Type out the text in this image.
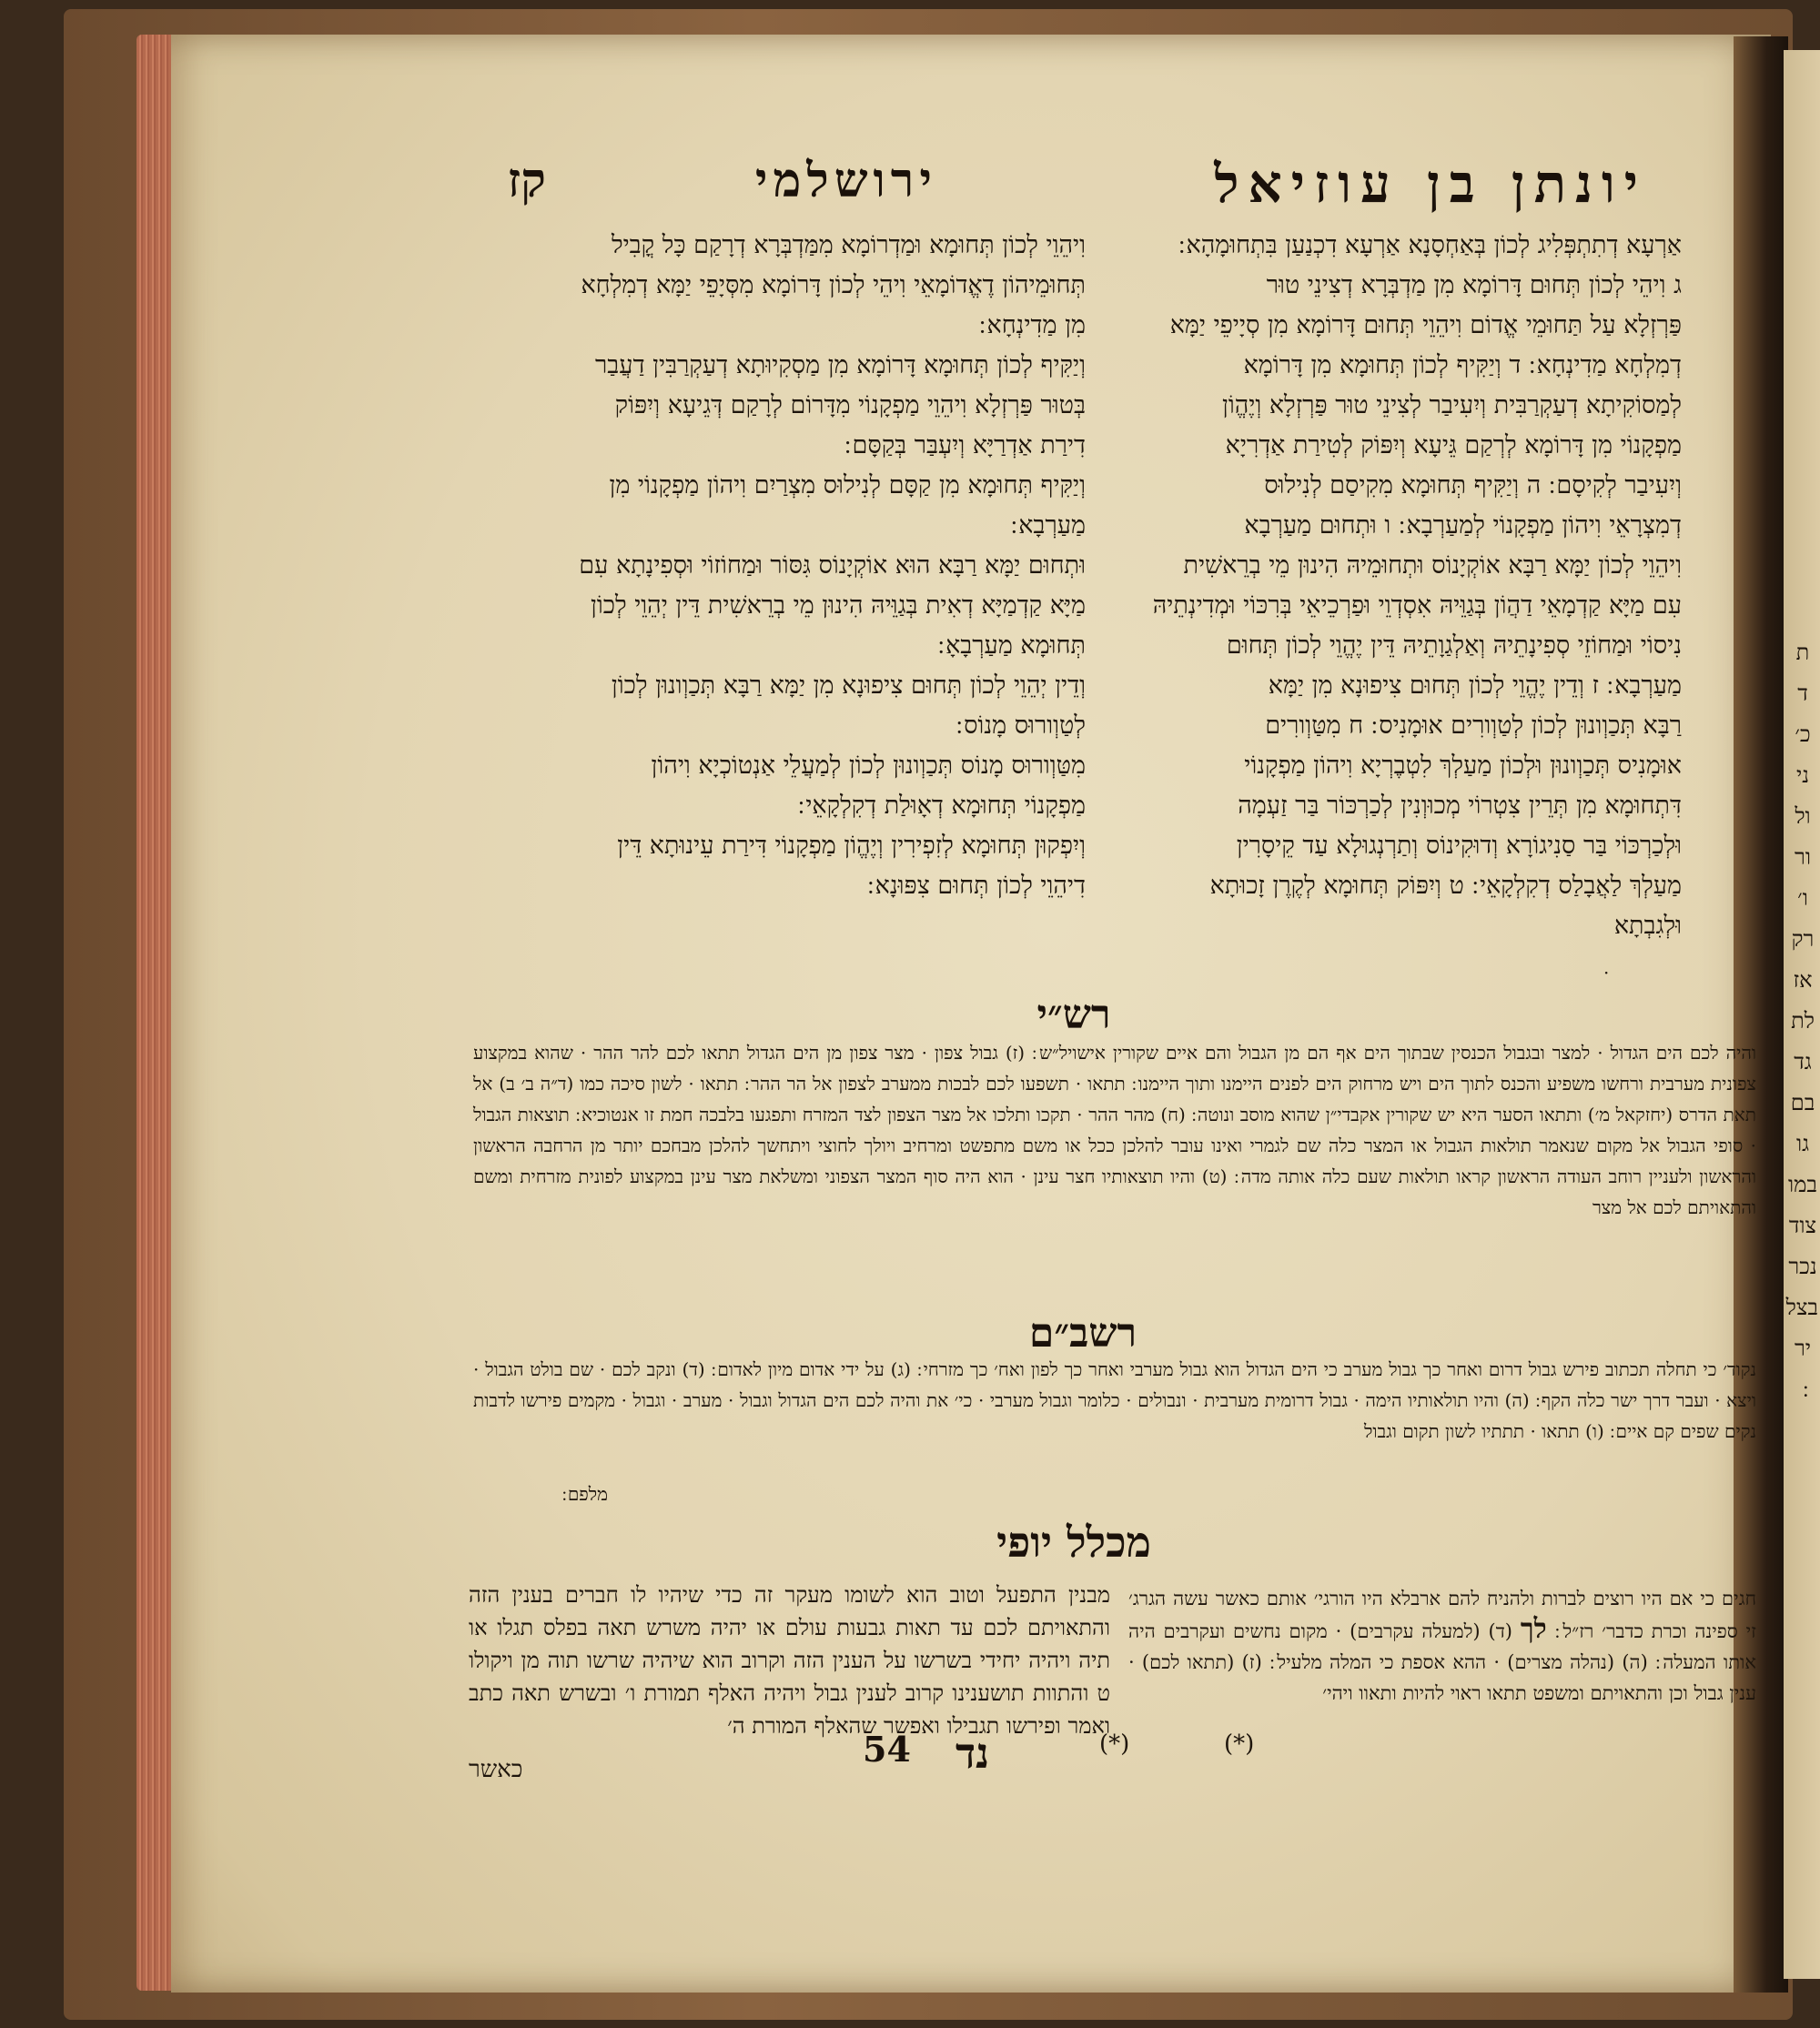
ת
ד
כ׳
ני
ול
ור
ו׳
רק
אז
לת
גד
בם
גו
במו
צוד
נכר
בצל
יר
יונתן בן עוזיאל
ירושלמי
קז

אַרְעָא דְתִתְפְּלִיג לְכוֹן בְּאַחְסָנָא אַרְעָא דִכְנַעַן בִּתְחוּמָהָא ׃

ג וִיהֵי לְכוֹן תְּחוּם דָּרוֹמָא מִן מַדְבְּרָא דְצִינֵי טוּר

פַּרְזְלָא עַל תַּחוּמֵי אֱדוֹם וִיהֵוֵי תְּחוּם דָּרוֹמָא מִן סְיָיפֵי יַמָּא

דְמִלְחָא מַדִינְחָא ׃ ד וְיַקִּיף לְכוֹן תְּחוּמָא מִן דָּרוֹמָא

לְמַסוֹקִיתָא דְעַקְרַבִּית וְיִעִיבַר לְצִינֵי טוּר פַּרְזְלָא וְיֶהֱוֹן

מַפְקָנוֹי מִן דָּרוֹמָא לְרְקַם גֵּיעָא וְיִפּוֹק לְטִירַת אַדְרִיָא

וְיִעִיבַר לְקִיסָם ׃ ה וְיַקִּיף תְּחוּמָא מִקִיסַם לְנִילוּס

דְמִצְרָאֵי וִיהוֹן מַפְקָנוֹי לְמַעַרְבָא ׃ ו וּתְחוּם מַעַרְבָא

וִיהֵוֵי לְכוֹן יַמָּא רַבָּא אוֹקְיָנוֹס וּתְחוּמֵיהּ הִינוּן מֵי בְרֵאשִׁית

עִם מַיָּא קַדְמָאֵי דַהֲוֹן בְּגַוֵּיהּ אִסְדְוֵי וּפַרְכֵיאֵי בְּרִכּוֹי וּמְדִינְתֵיהּ

נִיסוֹי וּמַחוֹזֵי סְפִינָתֵיהּ וְאַלְגַוָתֵיהּ דֵּין יֶהֱוֵי לְכוֹן תְּחוּם

מַעַרְבָא ׃ ז וְדֵין יֶהֱוֵי לְכוֹן תְּחוּם צִיפוּנָא מִן יַמָּא

רַבָּא תְּכַוְונוּן לְכוֹן לְטַוְורִים אוּמָנִיס ׃ ח מִטַּוְורִים

אוּמָנִיס תְּכַוְונוּן וּלְכוֹן מַעַלְךְ לִטְבֶרְיָא וִיהוֹן מַפְקָנוֹי

דִּתְחוּמָא מִן תְּרֵין צִטְרוֹי מְכוּוְנִין לְכַרְכּוֹר בַּר זַעְמָה

וּלְכַרְכּוֹי בַּר סַנִיגוֹרָא וְדוּקִינוֹס וְתַרְנְגוּלָא עַד קֵיסָרִין

מַעַלְךְ לַאֲבָלַס דְקִלְקָאֵי ׃ ט וְיִפּוֹק תְּחוּמָא לְקֶרֶן זָכוּתָא

וּלְגִבְתָא

וִיהֵוֵי לְכוֹן תְּחוּמָא וּמַדְרוֹמָא מִמַּדְבְּרָא דְרָקַם כָּל קֳבִיל

תְּחוּמֵיהוֹן דֶאֱדוֹמָאֵי וִיהֵי לְכוֹן דָּרוֹמָא מִסְּיָפֵי יַמָּא דְמִלְחָא

מִן מַדִינְחָא ׃

וְיַקִּיף לְכוֹן תְּחוּמָא דָּרוֹמָא מִן מַסְקִיוּתָא דְעַקְרַבִּין דַעֲבַר

בְּטוּר פַּרְזְלָא וִיהֵוֵי מַפְקָנוֹי מִדָּרוֹם לְרָקַם דְּגֵיעָא וְיִפּוֹק

דִירַת אַדְרַיָּא וְיִעְבַּר בְּקַסָּם ׃

וְיַקִּיף תְּחוּמָא מִן קַסָּם לְנִילוּס מִצְרַיִם וִיהוֹן מַפְקָנוֹי מִן

מַעַרְבָא ׃

וּתְחוּם יַמָּא רַבָּא הוּא אוֹקְיָנוֹס גִּסּוֹר וּמַחוֹזוֹי וּסְפִינָתָא עִם

מַיָּא קַדְמַיָּא דְאִית בְּגַוֵּיהּ הִינוּן מֵי בְרֵאשִׁית דֵּין יְהֵוֵי לְכוֹן

תְּחוּמָא מַעַרְבָאָ ׃

וְדֵין יְהֵוֵי לְכוֹן תְּחוּם צִיפוּנָא מִן יַמָּא רַבָּא תְּכַוְונוּן לְכוֹן

לְטַוְורוּס מָנוֹס ׃

מִטַּוְורוּס מָנוֹס תְּכַוְונוּן לְכוֹן לְמַעֲלֵי אַנְטוֹכְיָא וִיהוֹן

מַפְקָנוֹי תְּחוּמָא דְאָוּלַת דְקִלְקָאֵי ׃

וְיִפְקוּן תְּחוּמָא לְזִפְירִין וְיֶהֱוֹן מַפְקָנוֹי דִּירַת עֵינוּתָא דֵּין

דִיהֵוֵי לְכוֹן תְּחוּם צִפּוּנָא ׃

·
רש״י
והיה לכם הים הגדול · למצר ובגבול הכנסין שבתוך הים אף הם מן הגבול והם איים שקורין אישויל״ש ׃ (ז) גבול צפון · מצר צפון מן הים הגדול תתאו לכם להר ההר · שהוא במקצוע צפונית מערבית ורחשו משפיע והכנס לתוך הים ויש מרחוק הים לפנים היימנו ותוך היימנו ׃ תתאו · תשפעו לכם לבכות ממערב לצפון אל הר ההר ׃ תתאו · לשון סיכה כמו (ד״ה ב׳ ב) אל תאת הדרס (יחזקאל מ׳) ותתאו הסער היא יש שקורין אקבדי״ן שהוא מוסב ונוטה ׃ (ח) מהר ההר · תקכו ותלכו אל מצר הצפון לצד המזרח ותפגעו בלבכה חמת זו אנטוכיא ׃ תוצאות הגבול · סופי הגבול אל מקום שנאמר תולאות הגבול או המצר כלה שם לגמרי ואינו עובר להלכן ככל או משם מתפשט ומרחיב ויולך לחוצי ויתחשך להלכן מבחכם יותר מן הרחבה הראשון והראשון ולעניין רוחב העודה הראשון קראו תולאות שעם כלה אותה מדה ׃ (ט) והיו תוצאותיו חצר עינן · הוא היה סוף המצר הצפוני ומשלאת מצר עינן במקצוע לפונית מזרחית ומשם והתאויתם לכם אל מצר
רשב״ם
נקוד׳ כי תחלה תכתוב פירש גבול דרום ואחר כך גבול מערב כי הים הגדול הוא גבול מערבי ואחר כך לפון ואח׳ כך מזרחי ׃ (ג) על ידי אדום מיון לאדום ׃ (ד) ונקב לכם · שם בולט הגבול · ויצא · ועבר דרך ישר כלה הקף ׃ (ה) והיו תולאותיו הימה · גבול דרומית מערבית · ונבולים · כלומר וגבול מערבי · כי׳ את והיה לכם הים הגדול וגבול · מערב · וגבול · מקמים פירשו לדבות נקים שפים קם איים ׃ (ו) תתאו · תתתיו לשון תקום וגבול
מלפם ׃
מכלל יופי
חגים כי אם היו רוצים לברות ולהניח להם ארבלא היו הורגי׳ אותם כאשר עשה הגרג׳ זי ספינה וכרת כדבר׳ רז״ל ׃ לך (ד) (למעלה עקרבים) · מקום נחשים ועקרבים היה אותו המעלה ׃ (ה) (נהלה מצרים) · ההא אספת כי המלה מלעיל ׃ (ז) (תתאו לכם) · ענין גבול וכן והתאויתם ומשפט תתאו ראוי להיות ותאוו ויהי׳
מבנין התפעל וטוב הוא לשומו מעקר זה כדי שיהיו לו חברים בענין הזה והתאויתם לכם עד תאות גבעות עולם או יהיה משרש תאה בפלס תגלו או תיה ויהיה יחידי בשרשו על הענין הזה וקרוב הוא שיהיה שרשו תוה מן ויקולו ט והתוות תושענינו קרוב לענין גבול ויהיה האלף תמורת ו׳ ובשרש תאה כתב ואמר ופירשו תגבילו ואפשר שהאלף המורת ה׳
54 נד	(*)	(*)
כאשר
